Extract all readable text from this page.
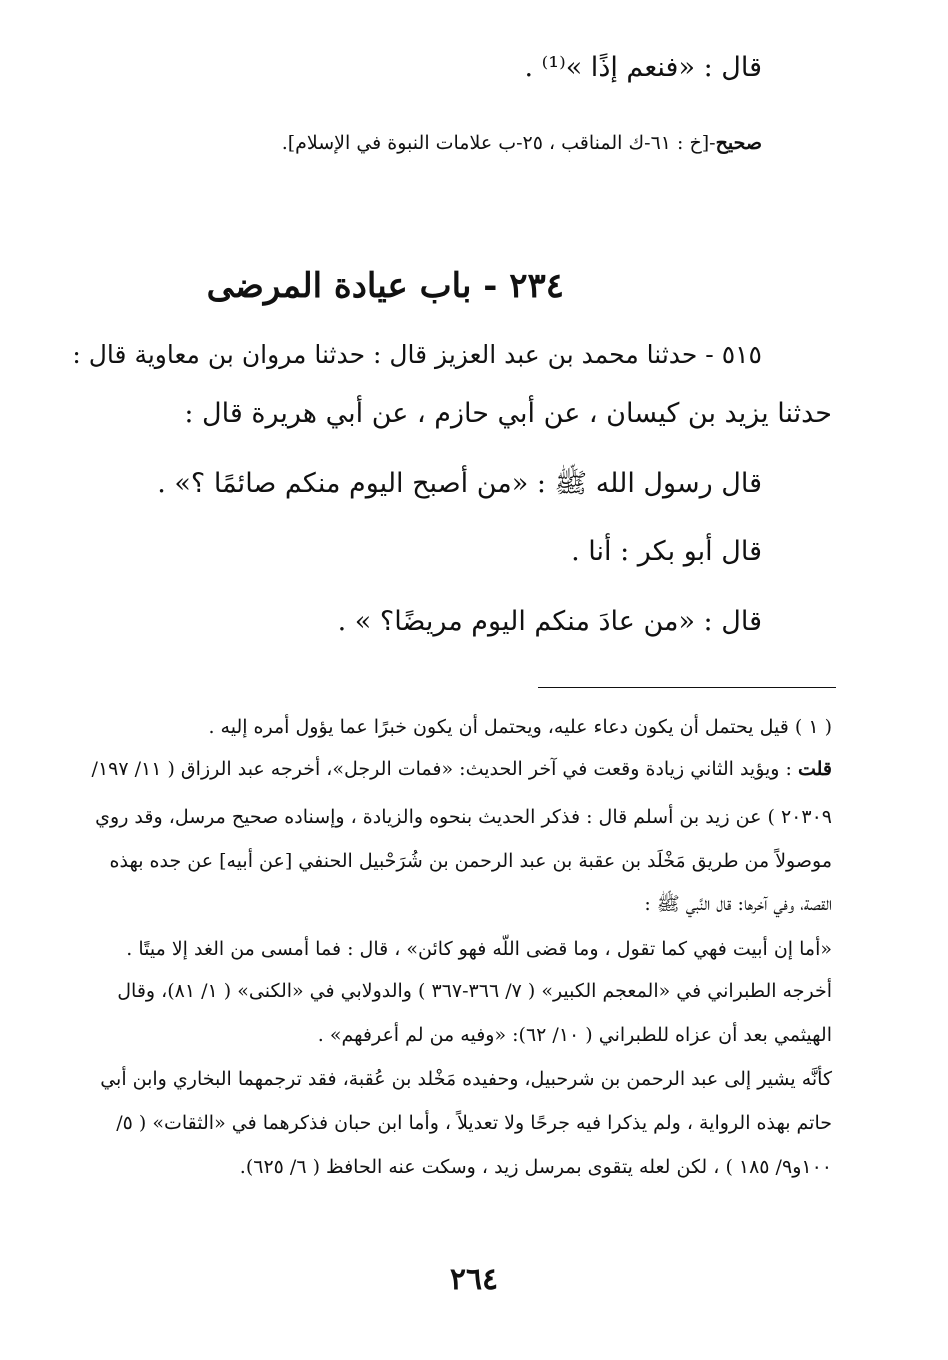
قال : «فنعم إذًا »⁽¹⁾ .
صحيح-[خ : ٦١-ك المناقب ، ٢٥-ب علامات النبوة في الإسلام].
٢٣٤ - باب عيادة المرضى
٥١٥ - حدثنا محمد بن عبد العزيز قال : حدثنا مروان بن معاوية قال :
حدثنا يزيد بن كيسان ، عن أبي حازم ، عن أبي هريرة قال :
قال رسول الله ﷺ : «من أصبح اليوم منكم صائمًا ؟» .
قال أبو بكر : أنا .
قال : «من عادَ منكم اليوم مريضًا؟ » .
( ١ ) قيل يحتمل أن يكون دعاء عليه، ويحتمل أن يكون خبرًا عما يؤول أمره إليه .
قلت : ويؤيد الثاني زيادة وقعت في آخر الحديث: «فمات الرجل»، أخرجه عبد الرزاق ( ١١/ ١٩٧/
٢٠٣٠٩ ) عن زيد بن أسلم قال : فذكر الحديث بنحوه والزيادة ، وإسناده صحيح مرسل، وقد روي
موصولاً من طريق مَخْلَد بن عقبة بن عبد الرحمن بن شُرَحْبيل الحنفي [عن أبيه] عن جده بهذه
القصة، وفي آخرها: قال النَّبي ﷺ :
«أما إن أبيت فهي كما تقول ، وما قضى اللّه فهو كائن» ، قال : فما أمسى من الغد إلا ميتًا .
أخرجه الطبراني في «المعجم الكبير» ( ٧/ ٣٦٦-٣٦٧ ) والدولابي في «الكنى» ( ١/ ٨١)، وقال
الهيثمي بعد أن عزاه للطبراني ( ١٠/ ٦٢): «وفيه من لم أعرفهم» .
كأنَّه يشير إلى عبد الرحمن بن شرحبيل، وحفيده مَخْلد بن عُقبة، فقد ترجمهما البخاري وابن أبي
حاتم بهذه الرواية ، ولم يذكرا فيه جرحًا ولا تعديلاً ، وأما ابن حبان فذكرهما في «الثقات» ( ٥/
١٠٠و٩/ ١٨٥ ) ، لكن لعله يتقوى بمرسل زيد ، وسكت عنه الحافظ ( ٦/ ٦٢٥).
٢٦٤
